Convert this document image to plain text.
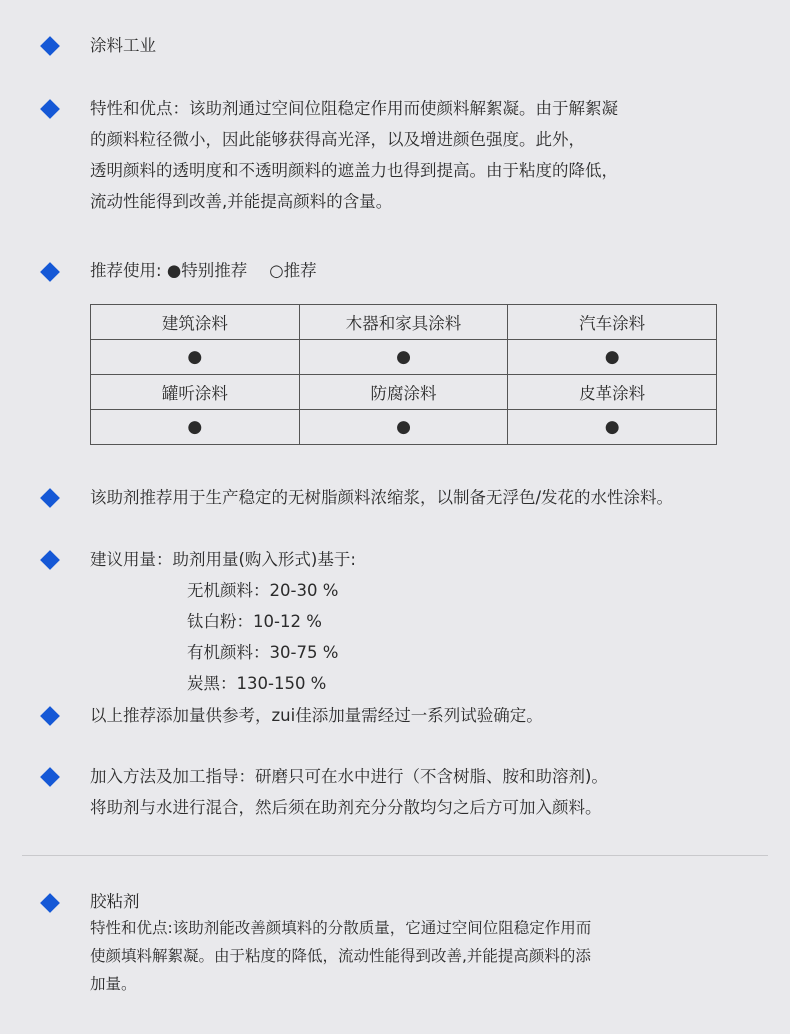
涂料工业
特性和优点：该助剂通过空间位阻稳定作用而使颜料解絮凝。由于解絮凝
的颜料粒径微小，因此能够获得高光泽，以及增进颜色强度。此外，
透明颜料的透明度和不透明颜料的遮盖力也得到提高。由于粘度的降低，
流动性能得到改善,并能提高颜料的含量。
推荐使用: ●特别推荐 ○推荐
建筑涂料	木器和家具涂料	汽车涂料
●	●	●
罐听涂料	防腐涂料	皮革涂料
●	●	●
该助剂推荐用于生产稳定的无树脂颜料浓缩浆，以制备无浮色/发花的水性涂料。
建议用量：助剂用量(购入形式)基于:
无机颜料：20-30 %
钛白粉：10-12 %
有机颜料：30-75 %
炭黑：130-150 %
以上推荐添加量供参考，zui佳添加量需经过一系列试验确定。
加入方法及加工指导：研磨只可在水中进行（不含树脂、胺和助溶剂)。
将助剂与水进行混合，然后须在助剂充分分散均匀之后方可加入颜料。
胶粘剂
特性和优点:该助剂能改善颜填料的分散质量，它通过空间位阻稳定作用而
使颜填料解絮凝。由于粘度的降低，流动性能得到改善,并能提高颜料的添
加量。
